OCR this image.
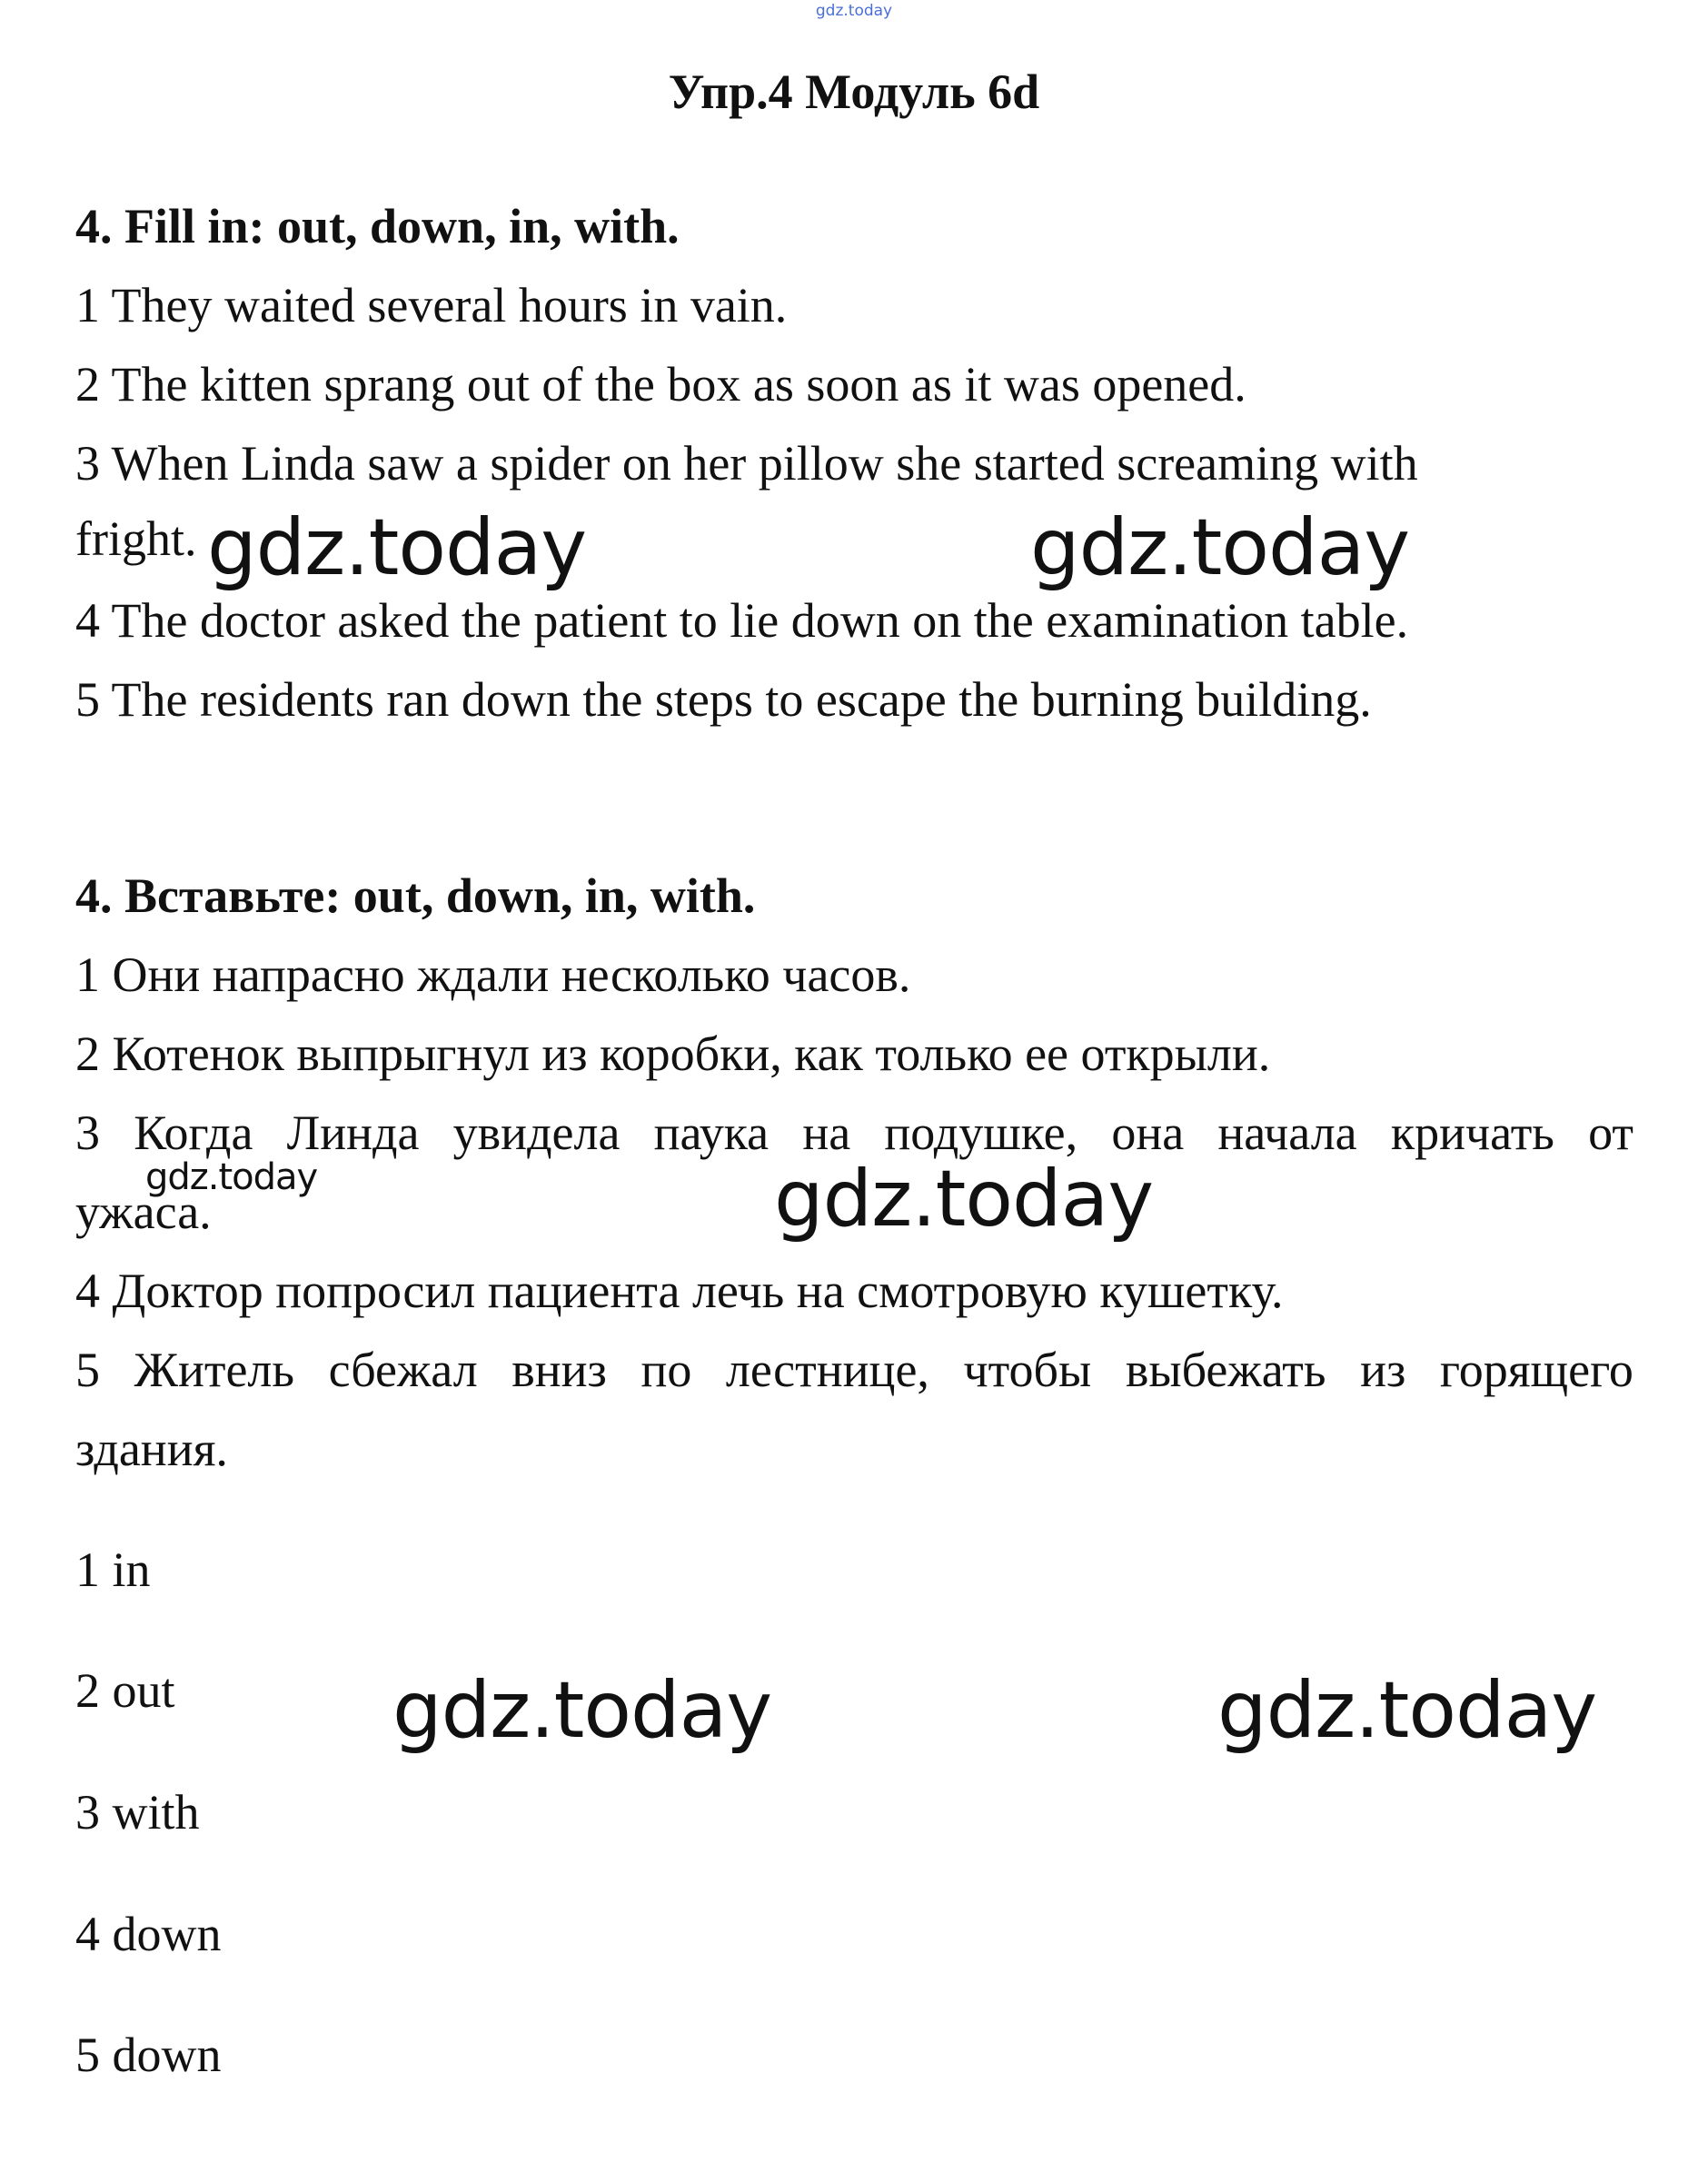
gdz.today
Упр.4 Модуль 6d
4. Fill in: out, down, in, with.
1 They waited several hours in vain.
2 The kitten sprang out of the box as soon as it was opened.
3 When Linda saw a spider on her pillow she started screaming with
fright.
4 The doctor asked the patient to lie down on the examination table.
5 The residents ran down the steps to escape the burning building.
gdz.today	gdz.today
4. Вставьте: out, down, in, with.
1 Они напрасно ждали несколько часов.
2 Котенок выпрыгнул из коробки, как только ее открыли.
3 Когда Линда увидела паука на подушке, она начала кричать от
ужаса.
4 Доктор попросил пациента лечь на смотровую кушетку.
5 Житель сбежал вниз по лестнице, чтобы выбежать из горящего
здания.
gdz.today	gdz.today
1 in
2 out
3 with
4 down
5 down
gdz.today	gdz.today
